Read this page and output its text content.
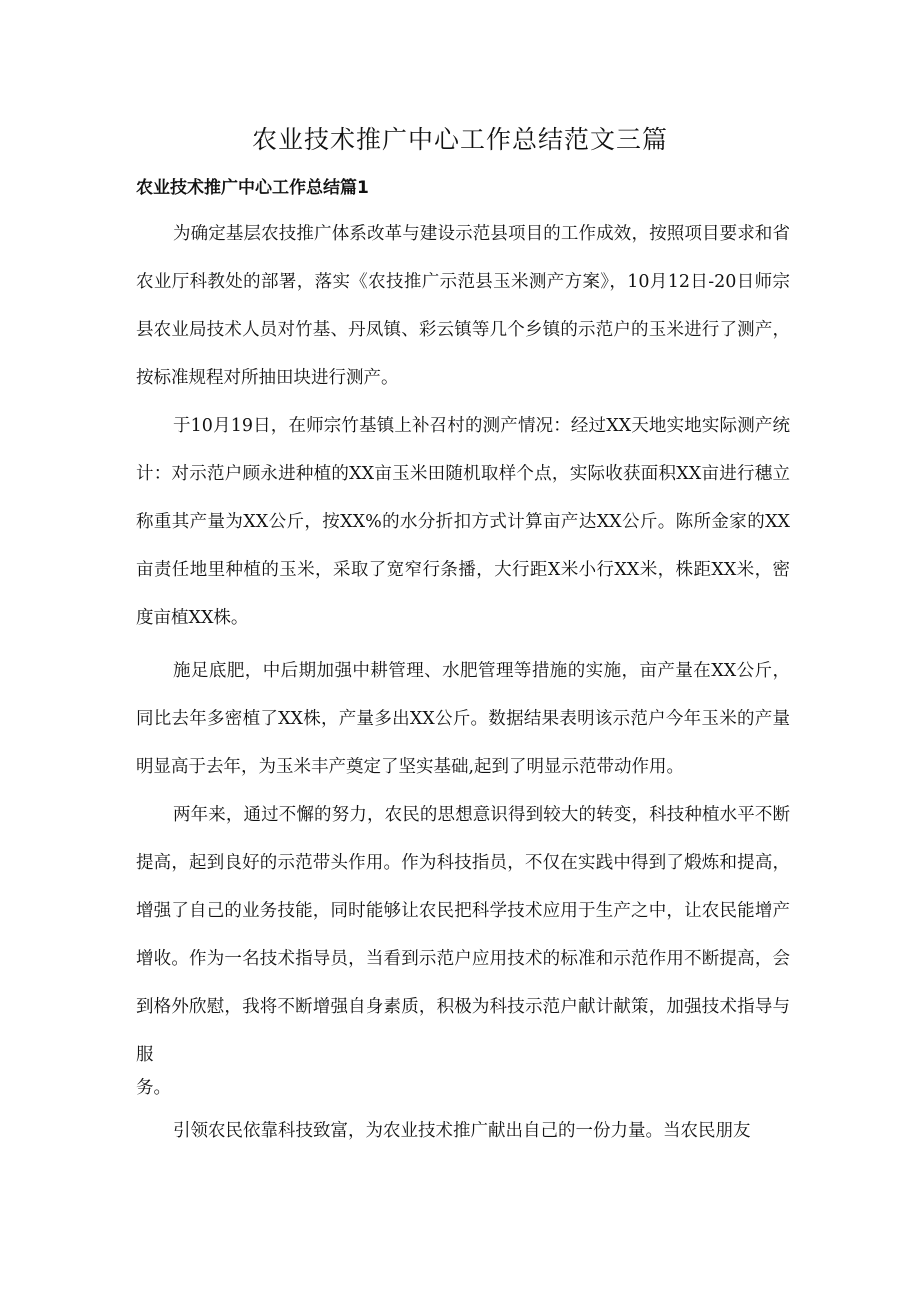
农业技术推广中心工作总结范文三篇
农业技术推广中心工作总结篇1

为确定基层农技推广体系改革与建设示范县项目的工作成效，按照项目要求和省农业厅科教处的部署，落实《农技推广示范县玉米测产方案》，10月12日-20日师宗县农业局技术人员对竹基、丹凤镇、彩云镇等几个乡镇的示范户的玉米进行了测产，按标准规程对所抽田块进行测产。

于10月19日，在师宗竹基镇上补召村的测产情况：经过XX天地实地实际测产统计：对示范户顾永进种植的XX亩玉米田随机取样个点，实际收获面积XX亩进行穗立称重其产量为XX公斤，按XX%的水分折扣方式计算亩产达XX公斤。陈所金家的XX亩责任地里种植的玉米，采取了宽窄行条播，大行距X米小行XX米，株距XX米，密度亩植XX株。

施足底肥，中后期加强中耕管理、水肥管理等措施的实施，亩产量在XX公斤，同比去年多密植了XX株，产量多出XX公斤。数据结果表明该示范户今年玉米的产量明显高于去年，为玉米丰产奠定了坚实基础,起到了明显示范带动作用。

两年来，通过不懈的努力，农民的思想意识得到较大的转变，科技种植水平不断提高，起到良好的示范带头作用。作为科技指员，不仅在实践中得到了煅炼和提高，增强了自己的业务技能，同时能够让农民把科学技术应用于生产之中，让农民能增产增收。作为一名技术指导员，当看到示范户应用技术的标准和示范作用不断提高，会到格外欣慰，我将不断增强自身素质，积极为科技示范户献计献策，加强技术指导与服

务。

引领农民依靠科技致富，为农业技术推广献出自己的一份力量。当农民朋友
